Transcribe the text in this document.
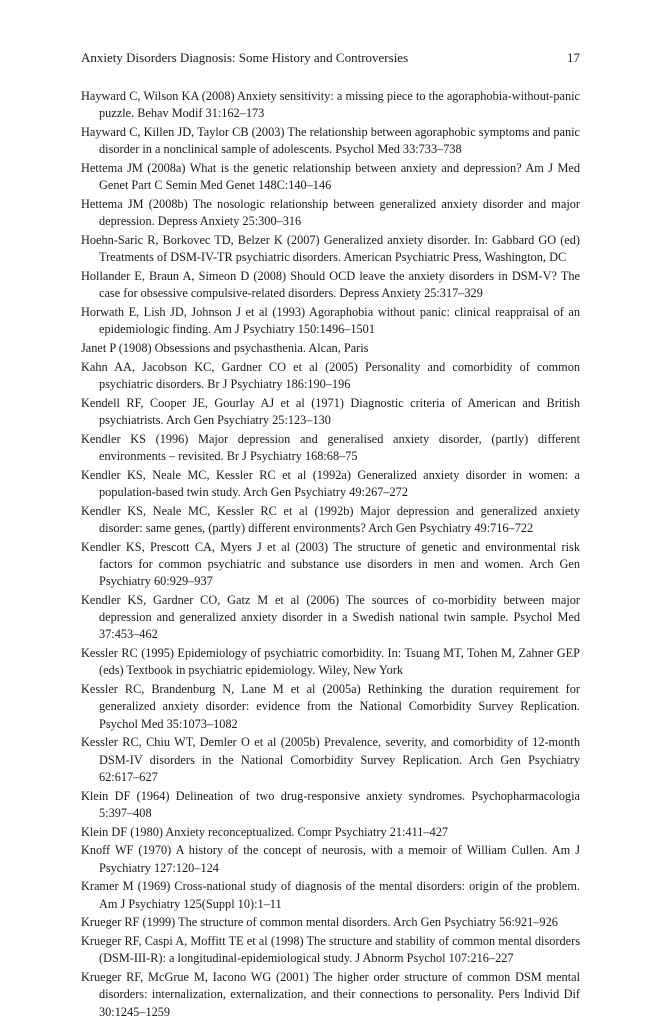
Anxiety Disorders Diagnosis: Some History and Controversies	17
Hayward C, Wilson KA (2008) Anxiety sensitivity: a missing piece to the agoraphobia-without-panic puzzle. Behav Modif 31:162–173
Hayward C, Killen JD, Taylor CB (2003) The relationship between agoraphobic symptoms and panic disorder in a nonclinical sample of adolescents. Psychol Med 33:733–738
Hettema JM (2008a) What is the genetic relationship between anxiety and depression? Am J Med Genet Part C Semin Med Genet 148C:140–146
Hettema JM (2008b) The nosologic relationship between generalized anxiety disorder and major depression. Depress Anxiety 25:300–316
Hoehn-Saric R, Borkovec TD, Belzer K (2007) Generalized anxiety disorder. In: Gabbard GO (ed) Treatments of DSM-IV-TR psychiatric disorders. American Psychiatric Press, Washington, DC
Hollander E, Braun A, Simeon D (2008) Should OCD leave the anxiety disorders in DSM-V? The case for obsessive compulsive-related disorders. Depress Anxiety 25:317–329
Horwath E, Lish JD, Johnson J et al (1993) Agoraphobia without panic: clinical reappraisal of an epidemiologic finding. Am J Psychiatry 150:1496–1501
Janet P (1908) Obsessions and psychasthenia. Alcan, Paris
Kahn AA, Jacobson KC, Gardner CO et al (2005) Personality and comorbidity of common psychiatric disorders. Br J Psychiatry 186:190–196
Kendell RF, Cooper JE, Gourlay AJ et al (1971) Diagnostic criteria of American and British psychiatrists. Arch Gen Psychiatry 25:123–130
Kendler KS (1996) Major depression and generalised anxiety disorder, (partly) different environments – revisited. Br J Psychiatry 168:68–75
Kendler KS, Neale MC, Kessler RC et al (1992a) Generalized anxiety disorder in women: a population-based twin study. Arch Gen Psychiatry 49:267–272
Kendler KS, Neale MC, Kessler RC et al (1992b) Major depression and generalized anxiety disorder: same genes, (partly) different environments? Arch Gen Psychiatry 49:716–722
Kendler KS, Prescott CA, Myers J et al (2003) The structure of genetic and environmental risk factors for common psychiatric and substance use disorders in men and women. Arch Gen Psychiatry 60:929–937
Kendler KS, Gardner CO, Gatz M et al (2006) The sources of co-morbidity between major depression and generalized anxiety disorder in a Swedish national twin sample. Psychol Med 37:453–462
Kessler RC (1995) Epidemiology of psychiatric comorbidity. In: Tsuang MT, Tohen M, Zahner GEP (eds) Textbook in psychiatric epidemiology. Wiley, New York
Kessler RC, Brandenburg N, Lane M et al (2005a) Rethinking the duration requirement for generalized anxiety disorder: evidence from the National Comorbidity Survey Replication. Psychol Med 35:1073–1082
Kessler RC, Chiu WT, Demler O et al (2005b) Prevalence, severity, and comorbidity of 12-month DSM-IV disorders in the National Comorbidity Survey Replication. Arch Gen Psychiatry 62:617–627
Klein DF (1964) Delineation of two drug-responsive anxiety syndromes. Psychopharmacologia 5:397–408
Klein DF (1980) Anxiety reconceptualized. Compr Psychiatry 21:411–427
Knoff WF (1970) A history of the concept of neurosis, with a memoir of William Cullen. Am J Psychiatry 127:120–124
Kramer M (1969) Cross-national study of diagnosis of the mental disorders: origin of the problem. Am J Psychiatry 125(Suppl 10):1–11
Krueger RF (1999) The structure of common mental disorders. Arch Gen Psychiatry 56:921–926
Krueger RF, Caspi A, Moffitt TE et al (1998) The structure and stability of common mental disorders (DSM-III-R): a longitudinal-epidemiological study. J Abnorm Psychol 107:216–227
Krueger RF, McGrue M, Iacono WG (2001) The higher order structure of common DSM mental disorders: internalization, externalization, and their connections to personality. Pers Individ Dif 30:1245–1259
